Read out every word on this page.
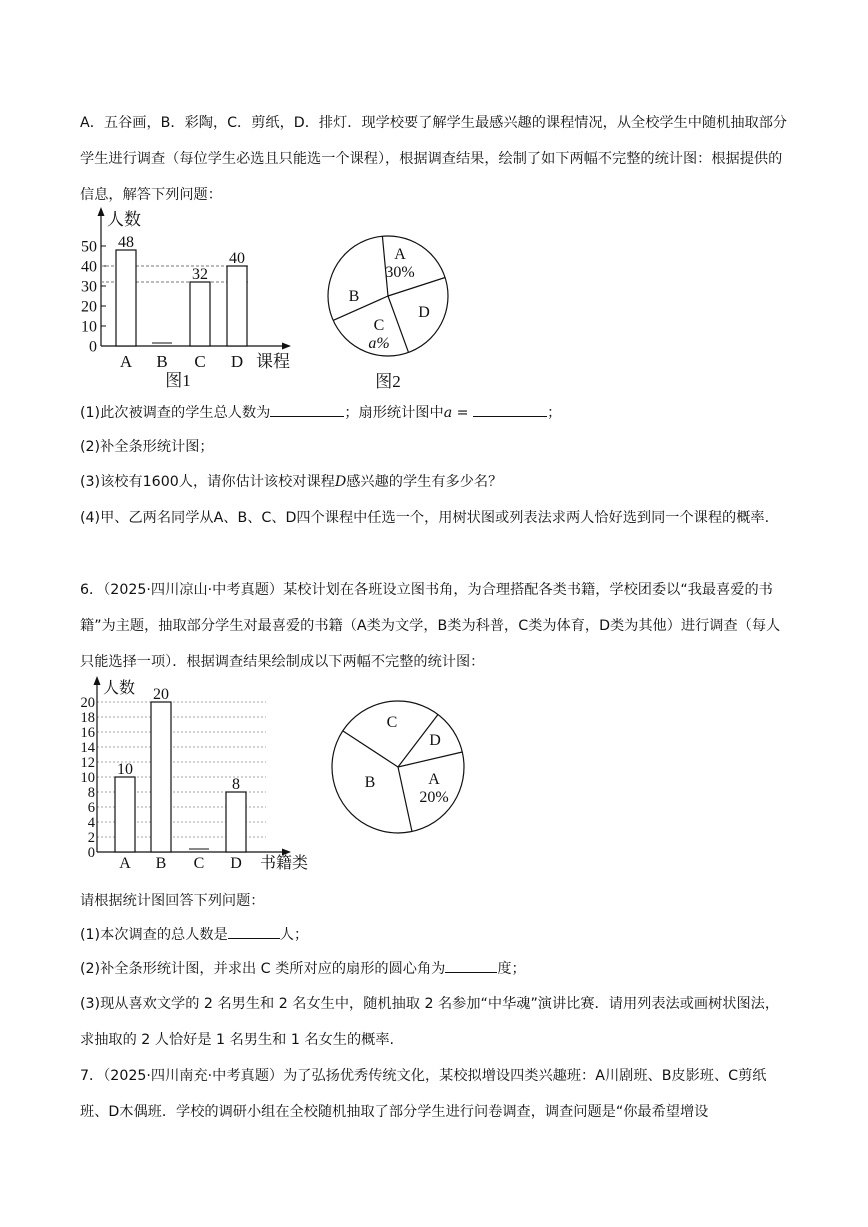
A．五谷画，B．彩陶，C．剪纸，D．排灯．现学校要了解学生最感兴趣的课程情况，从全校学生中随机抽取部分学生进行调查（每位学生必选且只能选一个课程），根据调查结果，绘制了如下两幅不完整的统计图：根据提供的信息，解答下列问题：
人数
课程
0
10
20
30
40
50
A
48
B C
32
D
40
图1
A
30%
D
C
a%
B
图2
(1)此次被调查的学生总人数为	；扇形统计图中a =	；
(2)补全条形统计图；
(3)该校有1600人，请你估计该校对课程D感兴趣的学生有多少名？
(4)甲、乙两名同学从A、B、C、D四个课程中任选一个，用树状图或列表法求两人恰好选到同一个课程的概率.
6．（2025·四川凉山·中考真题）某校计划在各班设立图书角，为合理搭配各类书籍，学校团委以“我最喜爱的书籍”为主题，抽取部分学生对最喜爱的书籍（A类为文学，B类为科普，C类为体育，D类为其他）进行调查（每人只能选择一项）．根据调查结果绘制成以下两幅不完整的统计图：
人数
书籍类
0
2
4
6
8
10
12
14
16
18
20
A
10
B
20
C D
8
C
D
B	A
20%
请根据统计图回答下列问题：
(1)本次调查的总人数是	人；
(2)补全条形统计图，并求出 C 类所对应的扇形的圆心角为	度；
(3)现从喜欢文学的 2 名男生和 2 名女生中，随机抽取 2 名参加“中华魂”演讲比赛．请用列表法或画树状图法，求抽取的 2 人恰好是 1 名男生和 1 名女生的概率.
7．（2025·四川南充·中考真题）为了弘扬优秀传统文化，某校拟增设四类兴趣班：A川剧班、B皮影班、C剪纸班、D木偶班．学校的调研小组在全校随机抽取了部分学生进行问卷调查，调查问题是“你最希望增设
